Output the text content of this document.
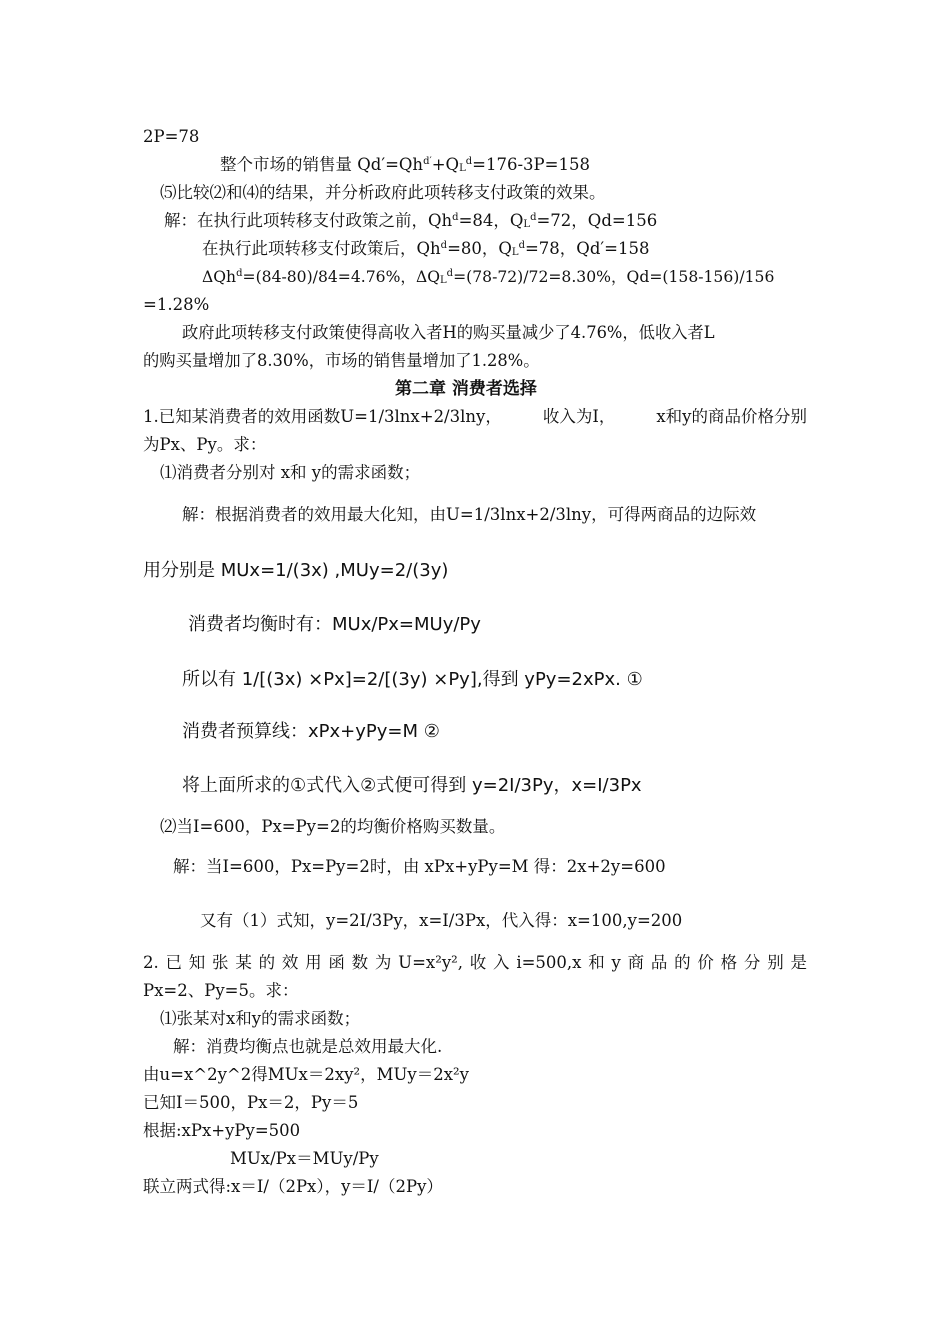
2P=78
整个市场的销售量 $Qd'=Qh^{d'}+Q_L^d=176-3P=158$
⑸比较⑵和⑷的结果，并分析政府此项转移支付政策的效果。
解：在执行此项转移支付政策之前，$Qh^d=84$，$Q_L^d=72$，Qd=156
在执行此项转移支付政策后，$Qh^d=80$，$Q_L^d=78$，Qd′=158
ΔQh$^d$=(84-80)/84=4.76%，$\Delta Q_L^d=(78-72)/72=8.30\%$，Qd=(158-156)/156
=1.28%
政府此项转移支付政策使得高收入者H的购买量减少了4.76%，低收入者L
的购买量增加了8.30%，市场的销售量增加了1.28%。
第二章 消费者选择
1.已知某消费者的效用函数U=1/3lnx+2/3lny， 收入为I， x和y的商品价格分别
为Px、Py。求：
⑴消费者分别对 x和 y的需求函数；
解：根据消费者的效用最大化知，由U=1/3lnx+2/3lny，可得两商品的边际效
用分别是 MUx=1/(3x) ,MUy=2/(3y)
消费者均衡时有：MUx/Px=MUy/Py
所以有 1/[(3x) ×Px]=2/[(3y) ×Py],得到 yPy=2xPx. ①
消费者预算线：xPx+yPy=M ②
将上面所求的①式代入②式便可得到 y=2I/3Py，x=I/3Px
⑵当I=600，Px=Py=2的均衡价格购买数量。
解：当I=600，Px=Py=2时，由 xPx+yPy=M 得：2x+2y=600
又有（1）式知，y=2I/3Py，x=I/3Px，代入得：x=100,y=200
2. 已 知 张 某 的 效 用 函 数 为 U=x²y², 收 入 i=500,x 和 y 商 品 的 价 格 分 别 是
Px=2、Py=5。求：
⑴张某对x和y的需求函数；
解：消费均衡点也就是总效用最大化.
由u=x^2y^2得MUx＝2xy²，MUy＝2x²y
已知I＝500，Px＝2，Py＝5
根据:xPx+yPy=500
MUx/Px＝MUy/Py
联立两式得:x＝I/（2Px），y＝I/（2Py）
